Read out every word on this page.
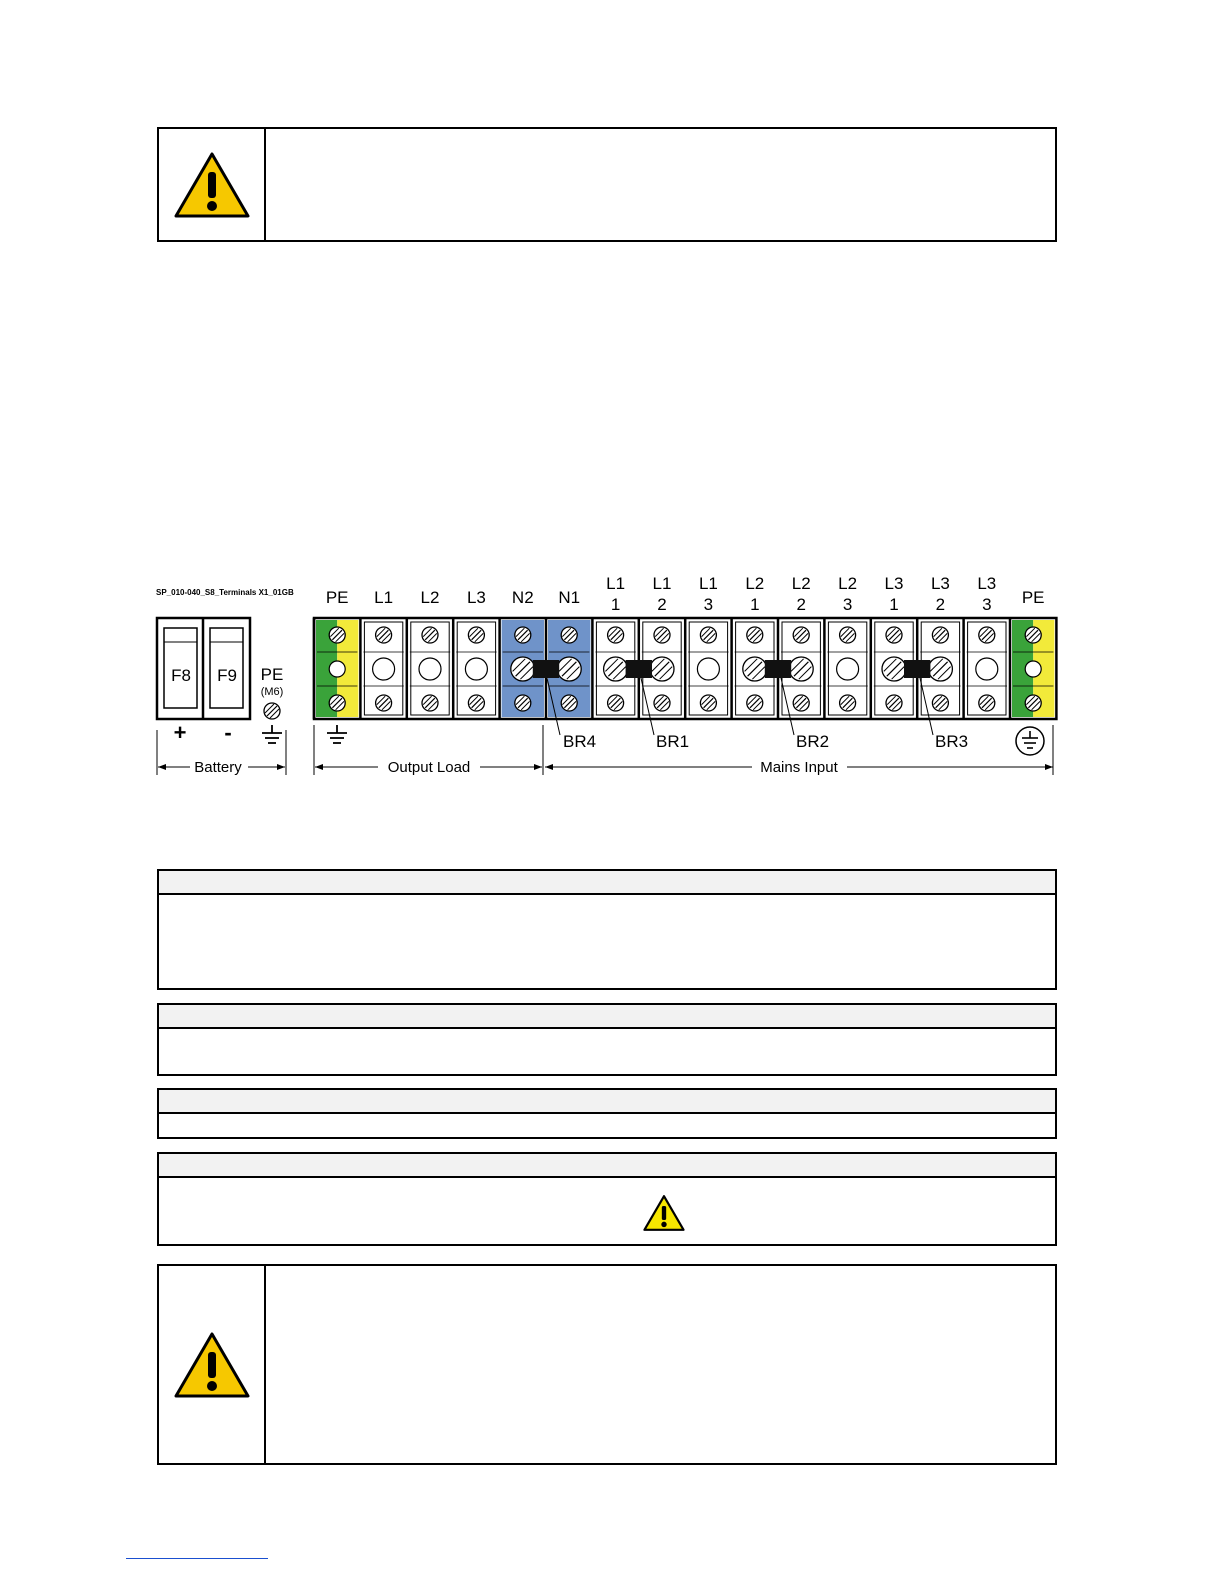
SP_010-040_S8_Terminals X1_01GB
F8 F9
-
+
PE
(M6)
PE L1 L2 L3 N2 N1
L1
1
L1
2
L1
3
L2
1
L2
2
L2
3
L3
1
L3
2
L3
3 PE
Battery	Output Load	Mains Input
BR4	BR1	BR2	BR3
